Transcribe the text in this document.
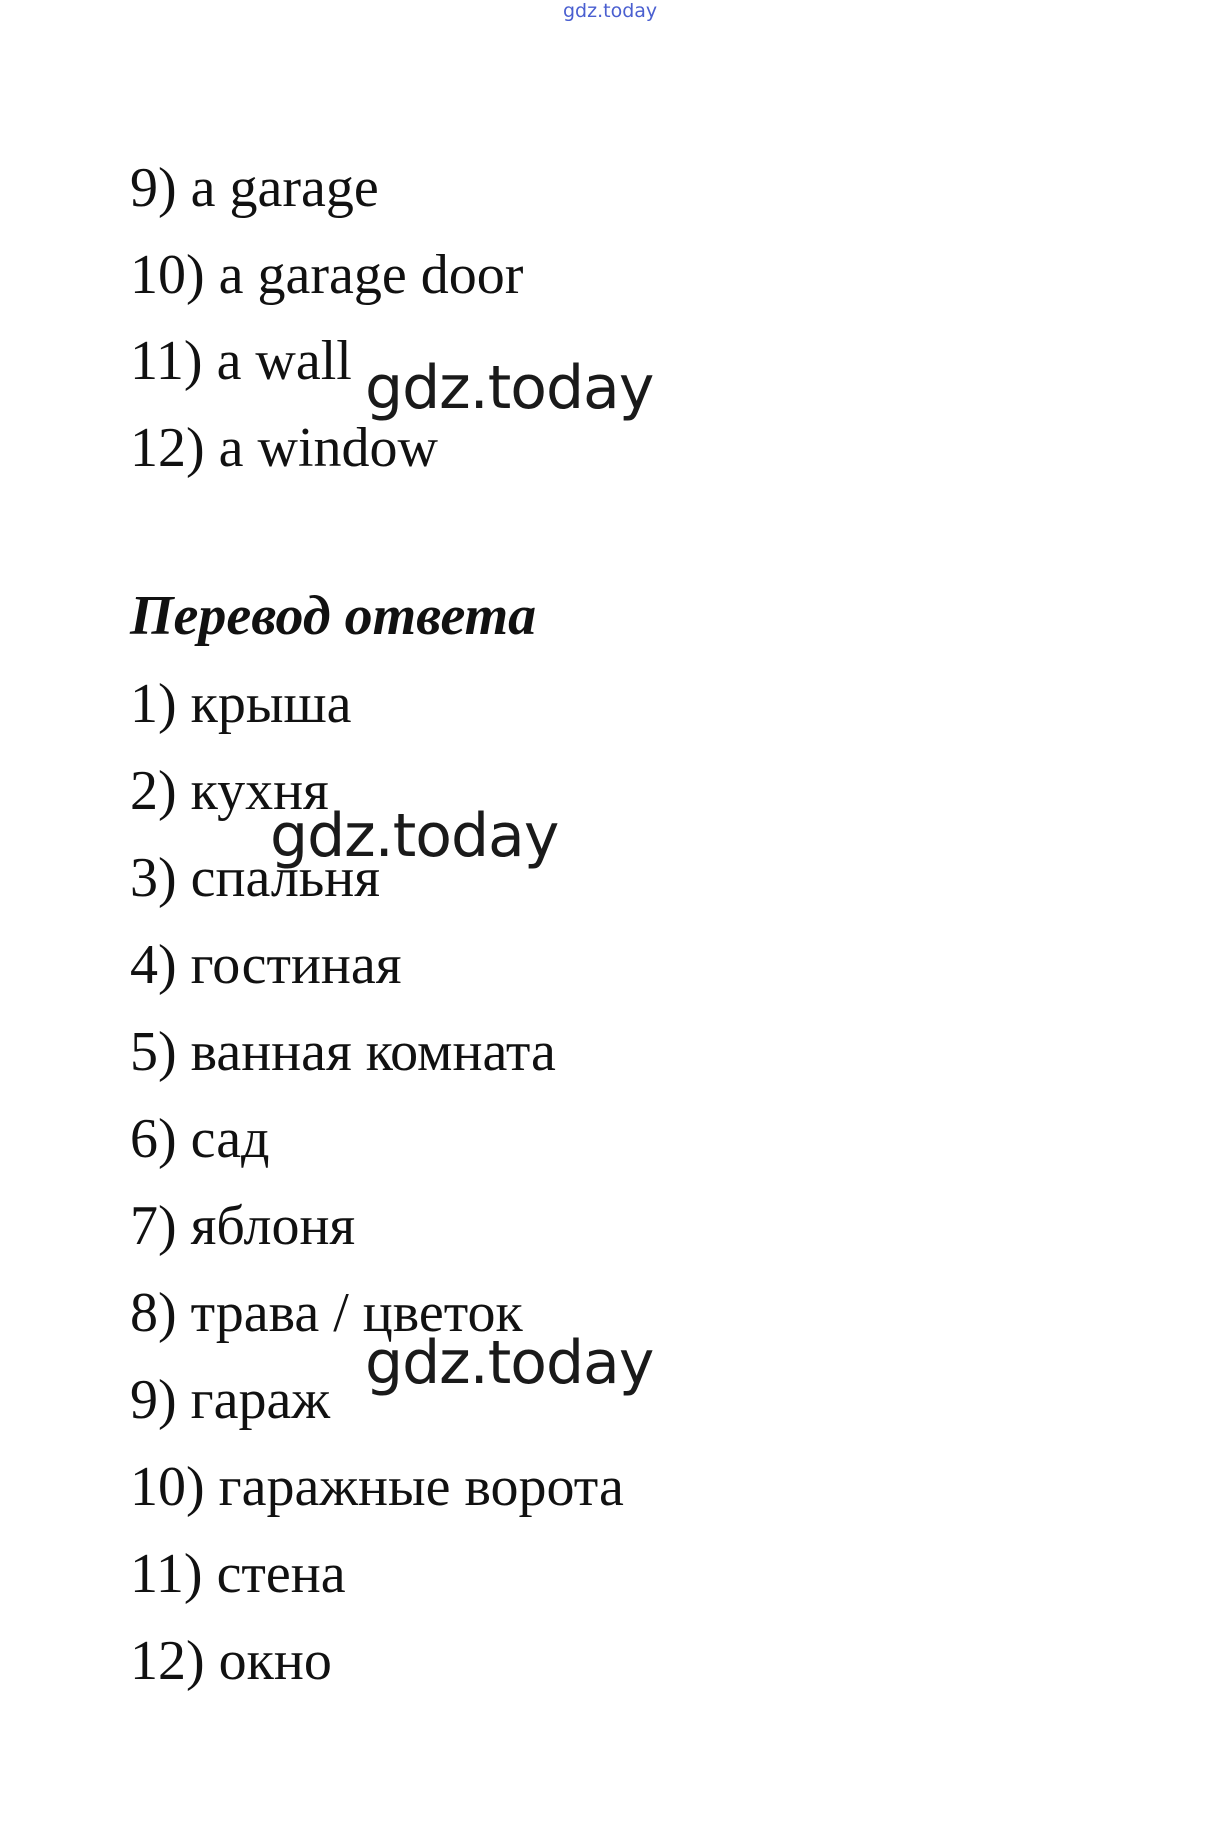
gdz.today
9) a garage
10) a garage door
11) a wall
12) a window
Перевод ответа
1) крыша
2) кухня
3) спальня
4) гостиная
5) ванная комната
6) сад
7) яблоня
8) трава / цветок
9) гараж
10) гаражные ворота
11) стена
12) окно
gdz.today
gdz.today
gdz.today
